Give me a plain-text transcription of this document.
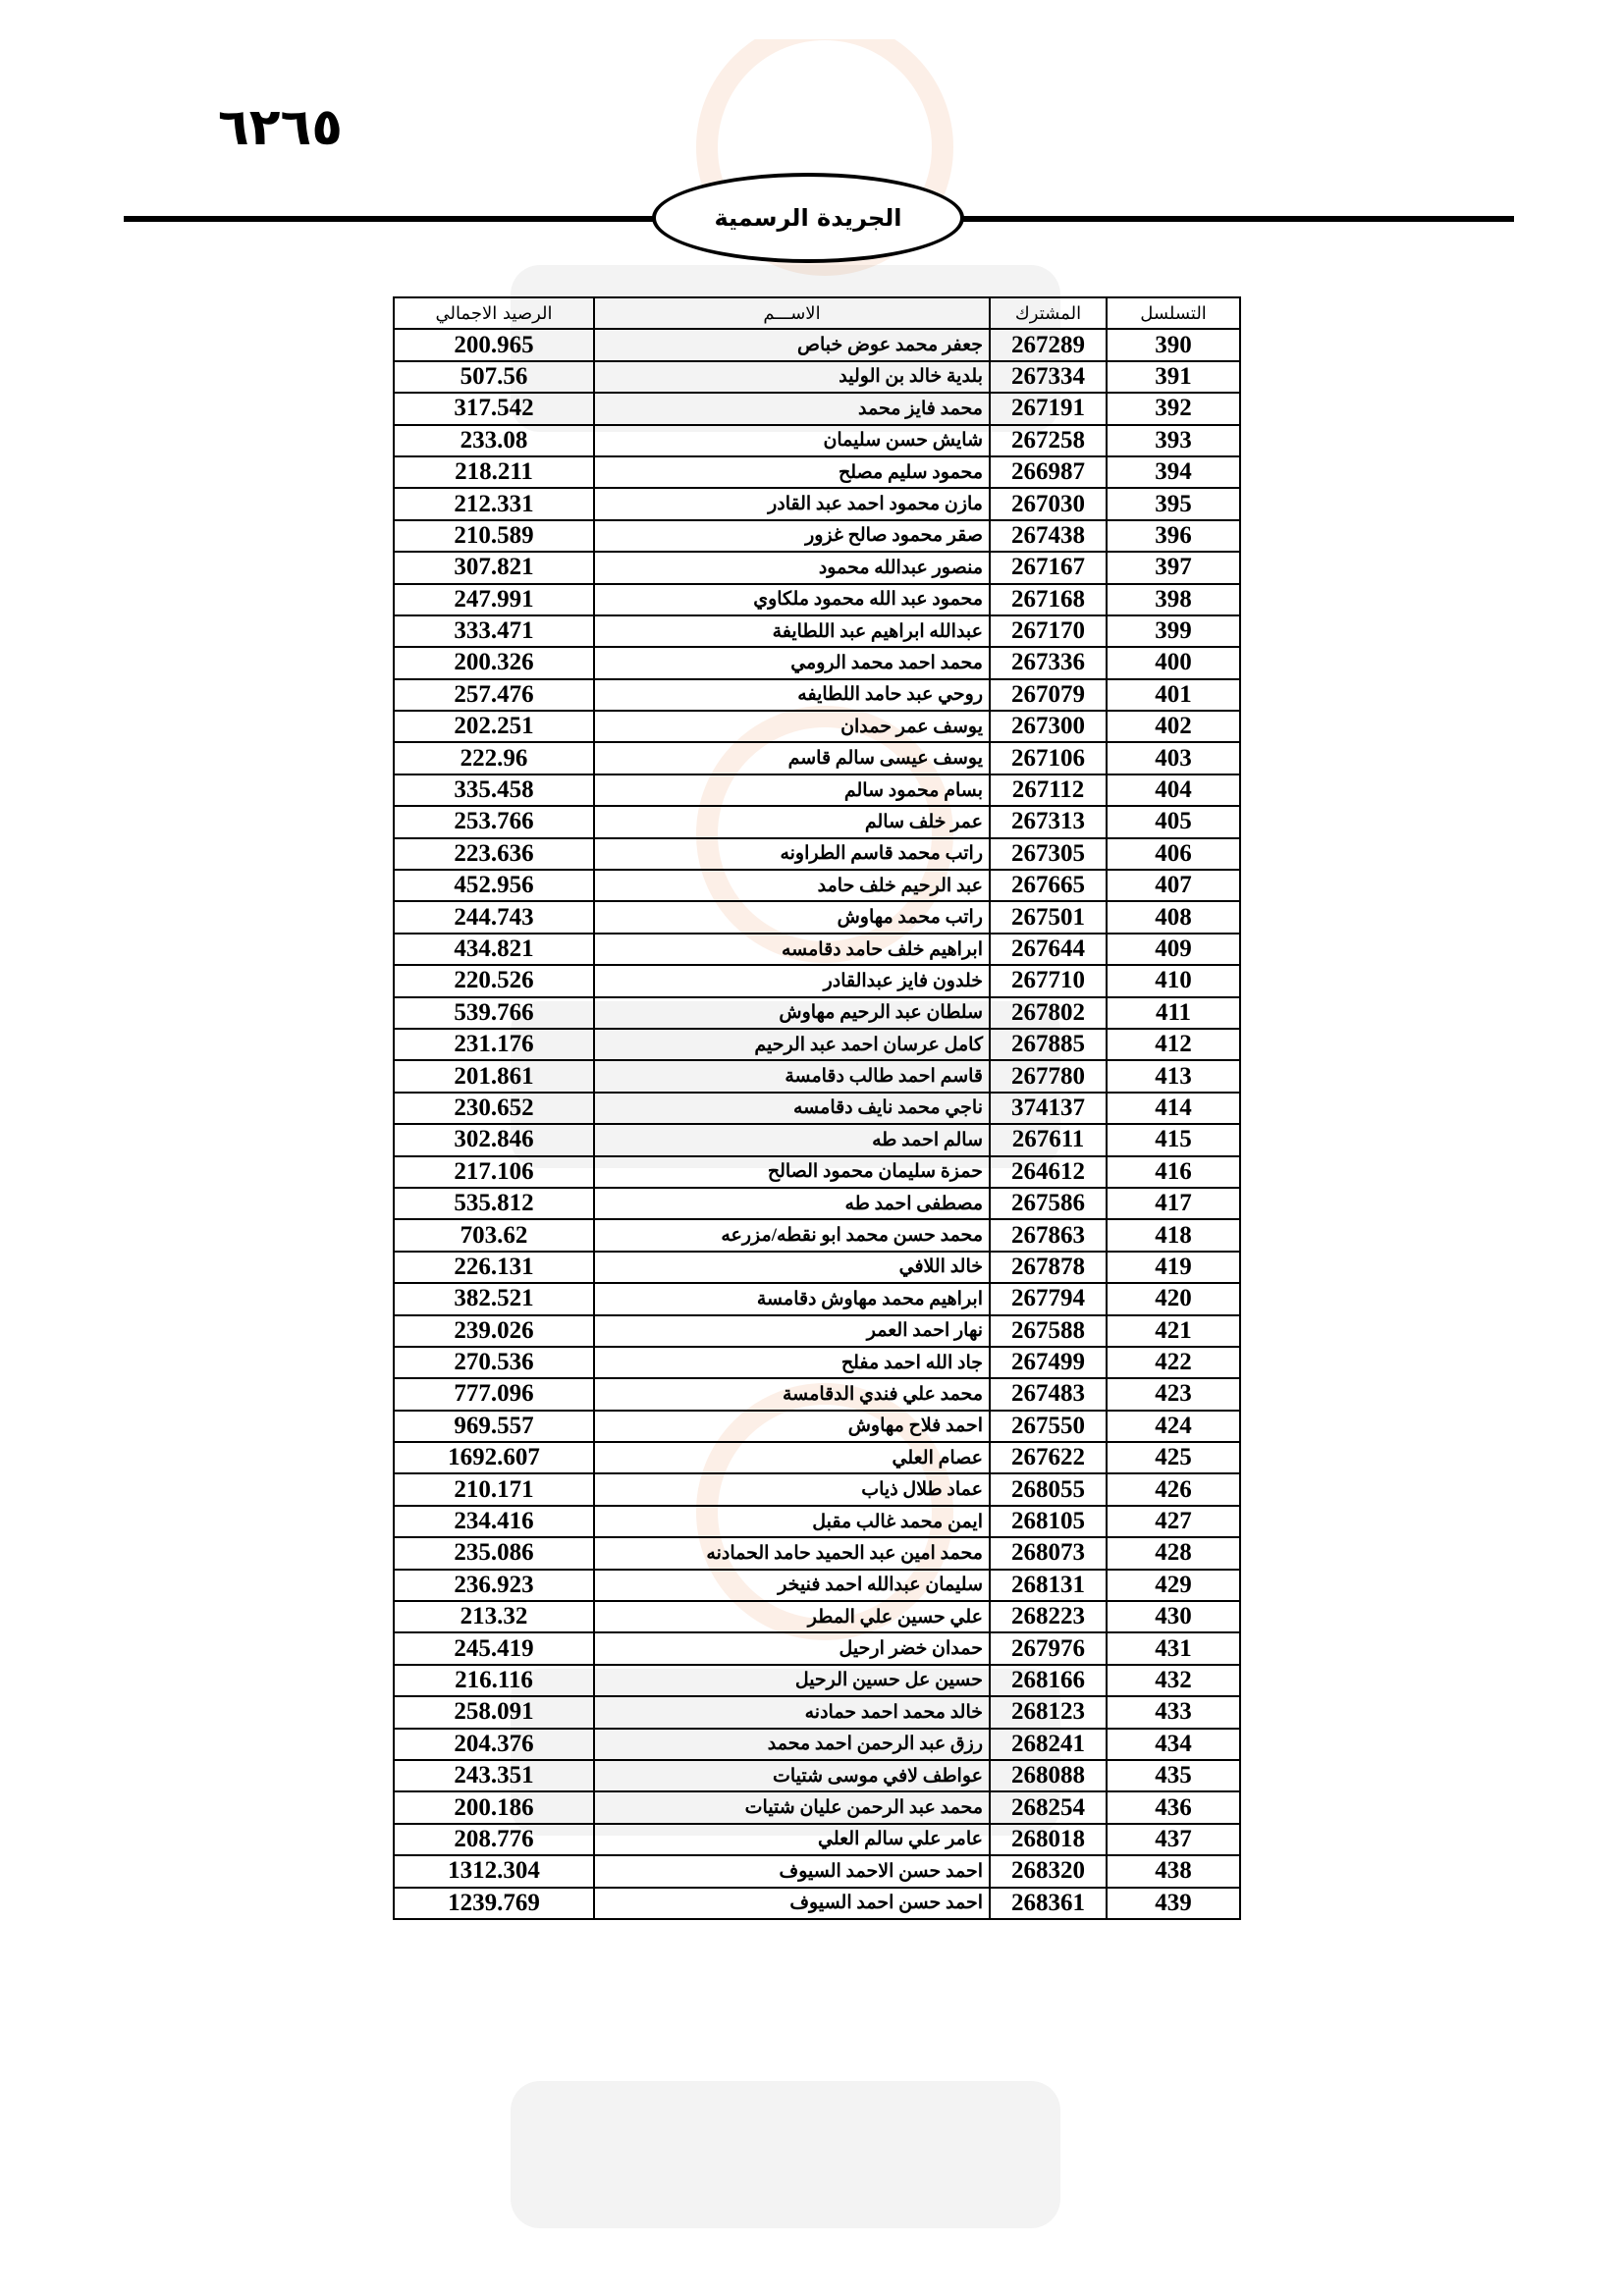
٦٢٦٥
الجريدة الرسمية
التسلسل	المشترك	الاســـم	الرصيد الاجمالي
390	267289	جعفر محمد عوض خباص	200.965
391	267334	بلدية خالد بن الوليد	507.56
392	267191	محمد فايز محمد	317.542
393	267258	شايش حسن سليمان	233.08
394	266987	محمود سليم مصلح	218.211
395	267030	مازن محمود احمد عبد القادر	212.331
396	267438	صقر محمود صالح غزور	210.589
397	267167	منصور عبدالله محمود	307.821
398	267168	محمود عبد الله محمود ملكاوي	247.991
399	267170	عبدالله ابراهيم عبد اللطايفة	333.471
400	267336	محمد احمد محمد الرومي	200.326
401	267079	روحي عبد حامد اللطايفه	257.476
402	267300	يوسف عمر حمدان	202.251
403	267106	يوسف عيسى سالم قاسم	222.96
404	267112	بسام محمود سالم	335.458
405	267313	عمر خلف سالم	253.766
406	267305	راتب محمد قاسم الطراونه	223.636
407	267665	عبد الرحيم خلف حامد	452.956
408	267501	راتب محمد مهاوش	244.743
409	267644	ابراهيم خلف حامد دقامسه	434.821
410	267710	خلدون فايز عبدالقادر	220.526
411	267802	سلطان عبد الرحيم مهاوش	539.766
412	267885	كامل عرسان احمد عبد الرحيم	231.176
413	267780	قاسم احمد طالب دقامسة	201.861
414	374137	ناجي محمد نايف دقامسه	230.652
415	267611	سالم احمد طه	302.846
416	264612	حمزة سليمان محمود الصالح	217.106
417	267586	مصطفى احمد طه	535.812
418	267863	محمد حسن محمد ابو نقطه/مزرعه	703.62
419	267878	خالد اللافي	226.131
420	267794	ابراهيم محمد مهاوش دقامسة	382.521
421	267588	نهار احمد العمر	239.026
422	267499	جاد الله احمد مفلح	270.536
423	267483	محمد علي فندي الدقامسة	777.096
424	267550	احمد فلاح مهاوش	969.557
425	267622	عصام العلي	1692.607
426	268055	عماد طلال ذياب	210.171
427	268105	ايمن محمد غالب مقبل	234.416
428	268073	محمد امين عبد الحميد حامد الحمادنه	235.086
429	268131	سليمان عبدالله احمد فنيخر	236.923
430	268223	علي حسين علي المطر	213.32
431	267976	حمدان خضر ارحيل	245.419
432	268166	حسين عل حسين الرحيل	216.116
433	268123	خالد محمد احمد حمادنه	258.091
434	268241	رزق عبد الرحمن احمد محمد	204.376
435	268088	عواطف لافي موسى شتيات	243.351
436	268254	محمد عبد الرحمن عليان شتيات	200.186
437	268018	عامر علي سالم العلي	208.776
438	268320	احمد حسن الاحمد السيوف	1312.304
439	268361	احمد حسن احمد السيوف	1239.769
